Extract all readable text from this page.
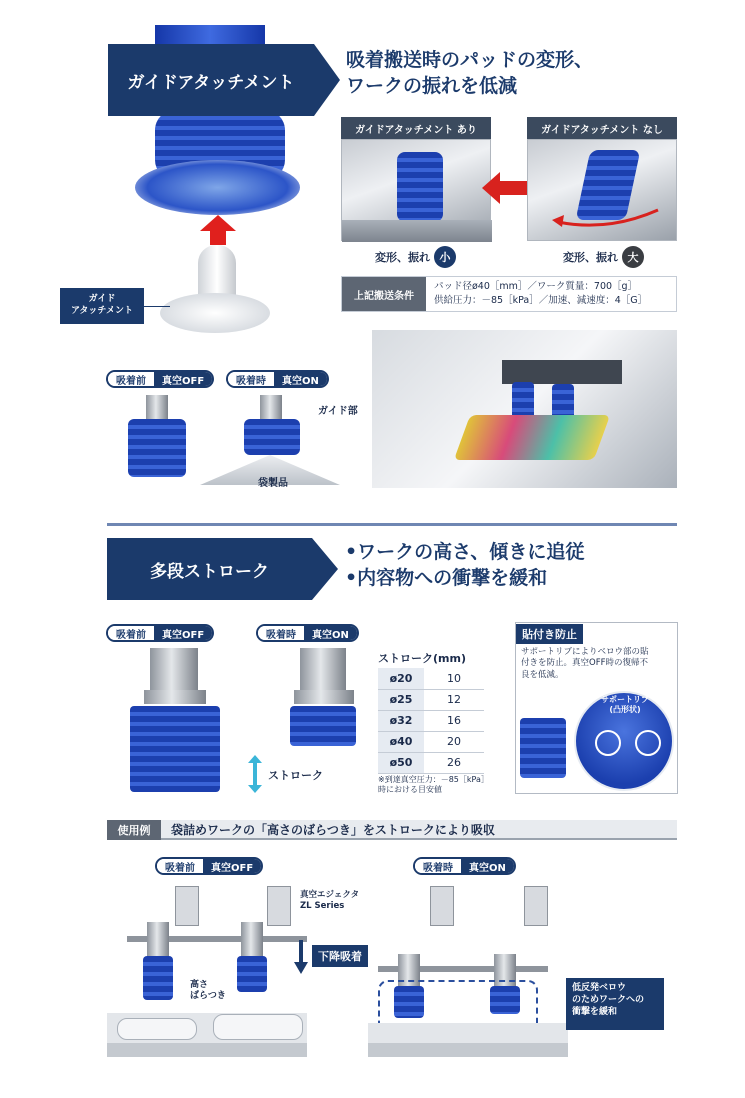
ガイドアタッチメント
吸着搬送時のパッドの変形、
ワークの振れを低減
ガイド
アタッチメント
ガイドアタッチメント あり	ガイドアタッチメント なし
変形、振れ 小	変形、振れ 大
上記搬送条件
パッド径ø40［mm］／ワーク質量：700［g］
供給圧力：－85［kPa］／加速、減速度：4［G］
吸着前	真空OFF	吸着時	真空ON
ガイド部
袋製品
多段ストローク
•ワークの高さ、傾きに追従
•内容物への衝撃を緩和
吸着前	真空OFF	吸着時	真空ON
ストローク
ストローク(mm)
ø20	10
ø25	12
ø32	16
ø40	20
ø50	26
※到達真空圧力：－85［kPa］
時における目安値
貼付き防止
サポートリブによりベロウ部の貼
付きを防止。真空OFF時の復帰不
良を低減。
サポートリブ
(凸形状)
使用例	袋詰めワークの「高さのばらつき」をストロークにより吸収
吸着前	真空OFF	吸着時	真空ON
高さ
ばらつき
真空エジェクタ
ZL Series
下降吸着
低反発ベロウ
のためワークへの
衝撃を緩和
